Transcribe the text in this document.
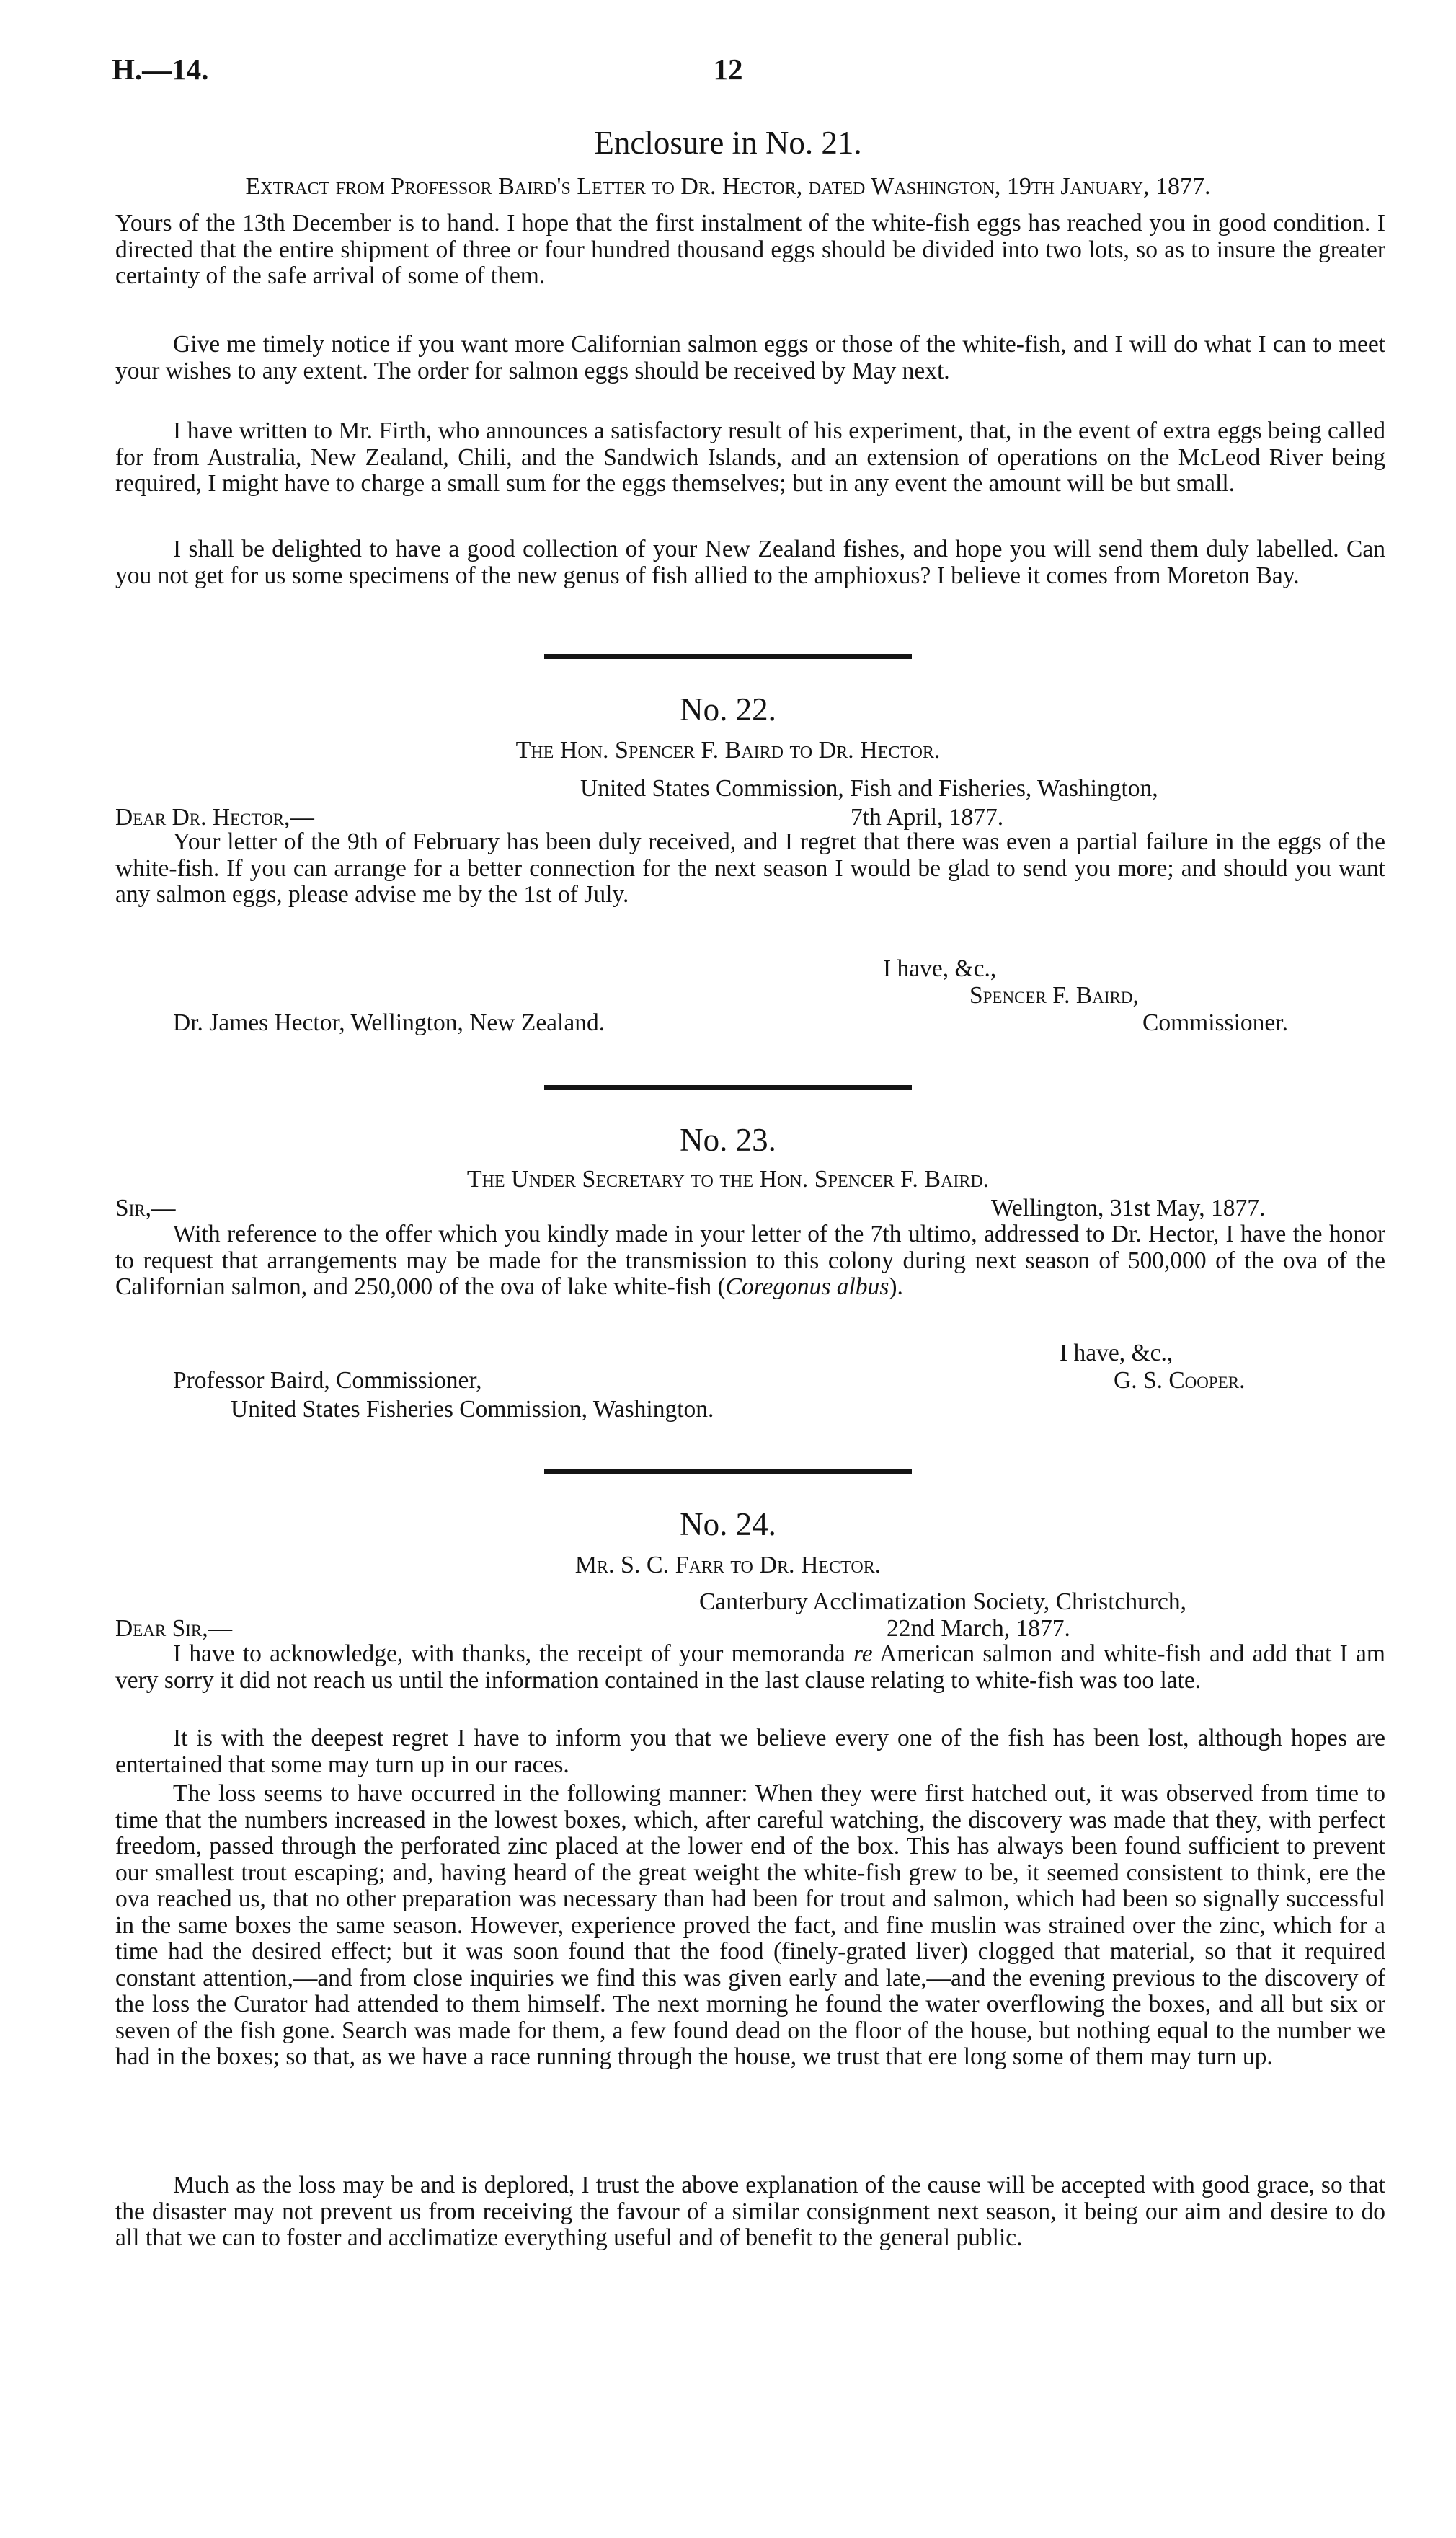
H.—14.	12
Enclosure in No. 21.
Extract from Professor Baird's Letter to Dr. Hector, dated Washington, 19th January, 1877.

Yours of the 13th December is to hand. I hope that the first instalment of the white-fish eggs has reached you in good condition. I directed that the entire shipment of three or four hundred thousand eggs should be divided into two lots, so as to insure the greater certainty of the safe arrival of some of them.

Give me timely notice if you want more Californian salmon eggs or those of the white-fish, and I will do what I can to meet your wishes to any extent. The order for salmon eggs should be received by May next.

I have written to Mr. Firth, who announces a satisfactory result of his experiment, that, in the event of extra eggs being called for from Australia, New Zealand, Chili, and the Sandwich Islands, and an extension of operations on the McLeod River being required, I might have to charge a small sum for the eggs themselves; but in any event the amount will be but small.

I shall be delighted to have a good collection of your New Zealand fishes, and hope you will send them duly labelled. Can you not get for us some specimens of the new genus of fish allied to the amphioxus? I believe it comes from Moreton Bay.

No. 22.
The Hon. Spencer F. Baird to Dr. Hector.
United States Commission, Fish and Fisheries, Washington,
Dear Dr. Hector,—	7th April, 1877.

Your letter of the 9th of February has been duly received, and I regret that there was even a partial failure in the eggs of the white-fish. If you can arrange for a better connection for the next season I would be glad to send you more; and should you want any salmon eggs, please advise me by the 1st of July.

I have, &c.,
Spencer F. Baird,
Dr. James Hector, Wellington, New Zealand.	Commissioner.
No. 23.
The Under Secretary to the Hon. Spencer F. Baird.
Sir,—	Wellington, 31st May, 1877.

With reference to the offer which you kindly made in your letter of the 7th ultimo, addressed to Dr. Hector, I have the honor to request that arrangements may be made for the transmission to this colony during next season of 500,000 of the ova of the Californian salmon, and 250,000 of the ova of lake white-fish (Coregonus albus).

I have, &c.,
Professor Baird, Commissioner,	G. S. Cooper.
United States Fisheries Commission, Washington.
No. 24.
Mr. S. C. Farr to Dr. Hector.
Canterbury Acclimatization Society, Christchurch,
Dear Sir,—	22nd March, 1877.

I have to acknowledge, with thanks, the receipt of your memoranda re American salmon and white-fish and add that I am very sorry it did not reach us until the information contained in the last clause relating to white-fish was too late.

It is with the deepest regret I have to inform you that we believe every one of the fish has been lost, although hopes are entertained that some may turn up in our races.

The loss seems to have occurred in the following manner: When they were first hatched out, it was observed from time to time that the numbers increased in the lowest boxes, which, after careful watching, the discovery was made that they, with perfect freedom, passed through the perforated zinc placed at the lower end of the box. This has always been found sufficient to prevent our smallest trout escaping; and, having heard of the great weight the white-fish grew to be, it seemed consistent to think, ere the ova reached us, that no other preparation was necessary than had been for trout and salmon, which had been so signally successful in the same boxes the same season. However, experience proved the fact, and fine muslin was strained over the zinc, which for a time had the desired effect; but it was soon found that the food (finely-grated liver) clogged that material, so that it required constant attention,—and from close inquiries we find this was given early and late,—and the evening previous to the discovery of the loss the Curator had attended to them himself. The next morning he found the water overflowing the boxes, and all but six or seven of the fish gone. Search was made for them, a few found dead on the floor of the house, but nothing equal to the number we had in the boxes; so that, as we have a race running through the house, we trust that ere long some of them may turn up.

Much as the loss may be and is deplored, I trust the above explanation of the cause will be accepted with good grace, so that the disaster may not prevent us from receiving the favour of a similar consignment next season, it being our aim and desire to do all that we can to foster and acclimatize everything useful and of benefit to the general public.
